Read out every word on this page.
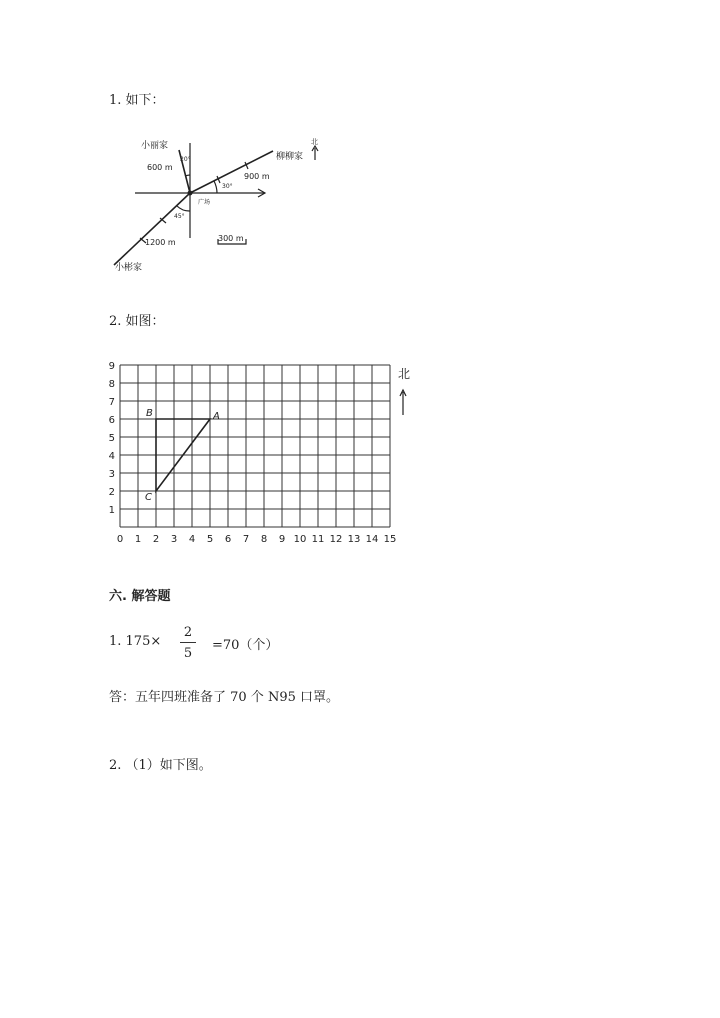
1. 如下：
小丽家
600 m
20°	柳柳家
900 m
30°
广场
45°
1200 m	300 m
小彬家
北
2. 如图：
0 1 2 3 4 5 6 7 8 9 10 11 12 13 14 15
1
2
3
4
5
6
7
8
9
A
B
C
北
六. 解答题
1. 175×
2
5
=70（个）
答：五年四班准备了 70 个 N95 口罩。
2. （1）如下图。
